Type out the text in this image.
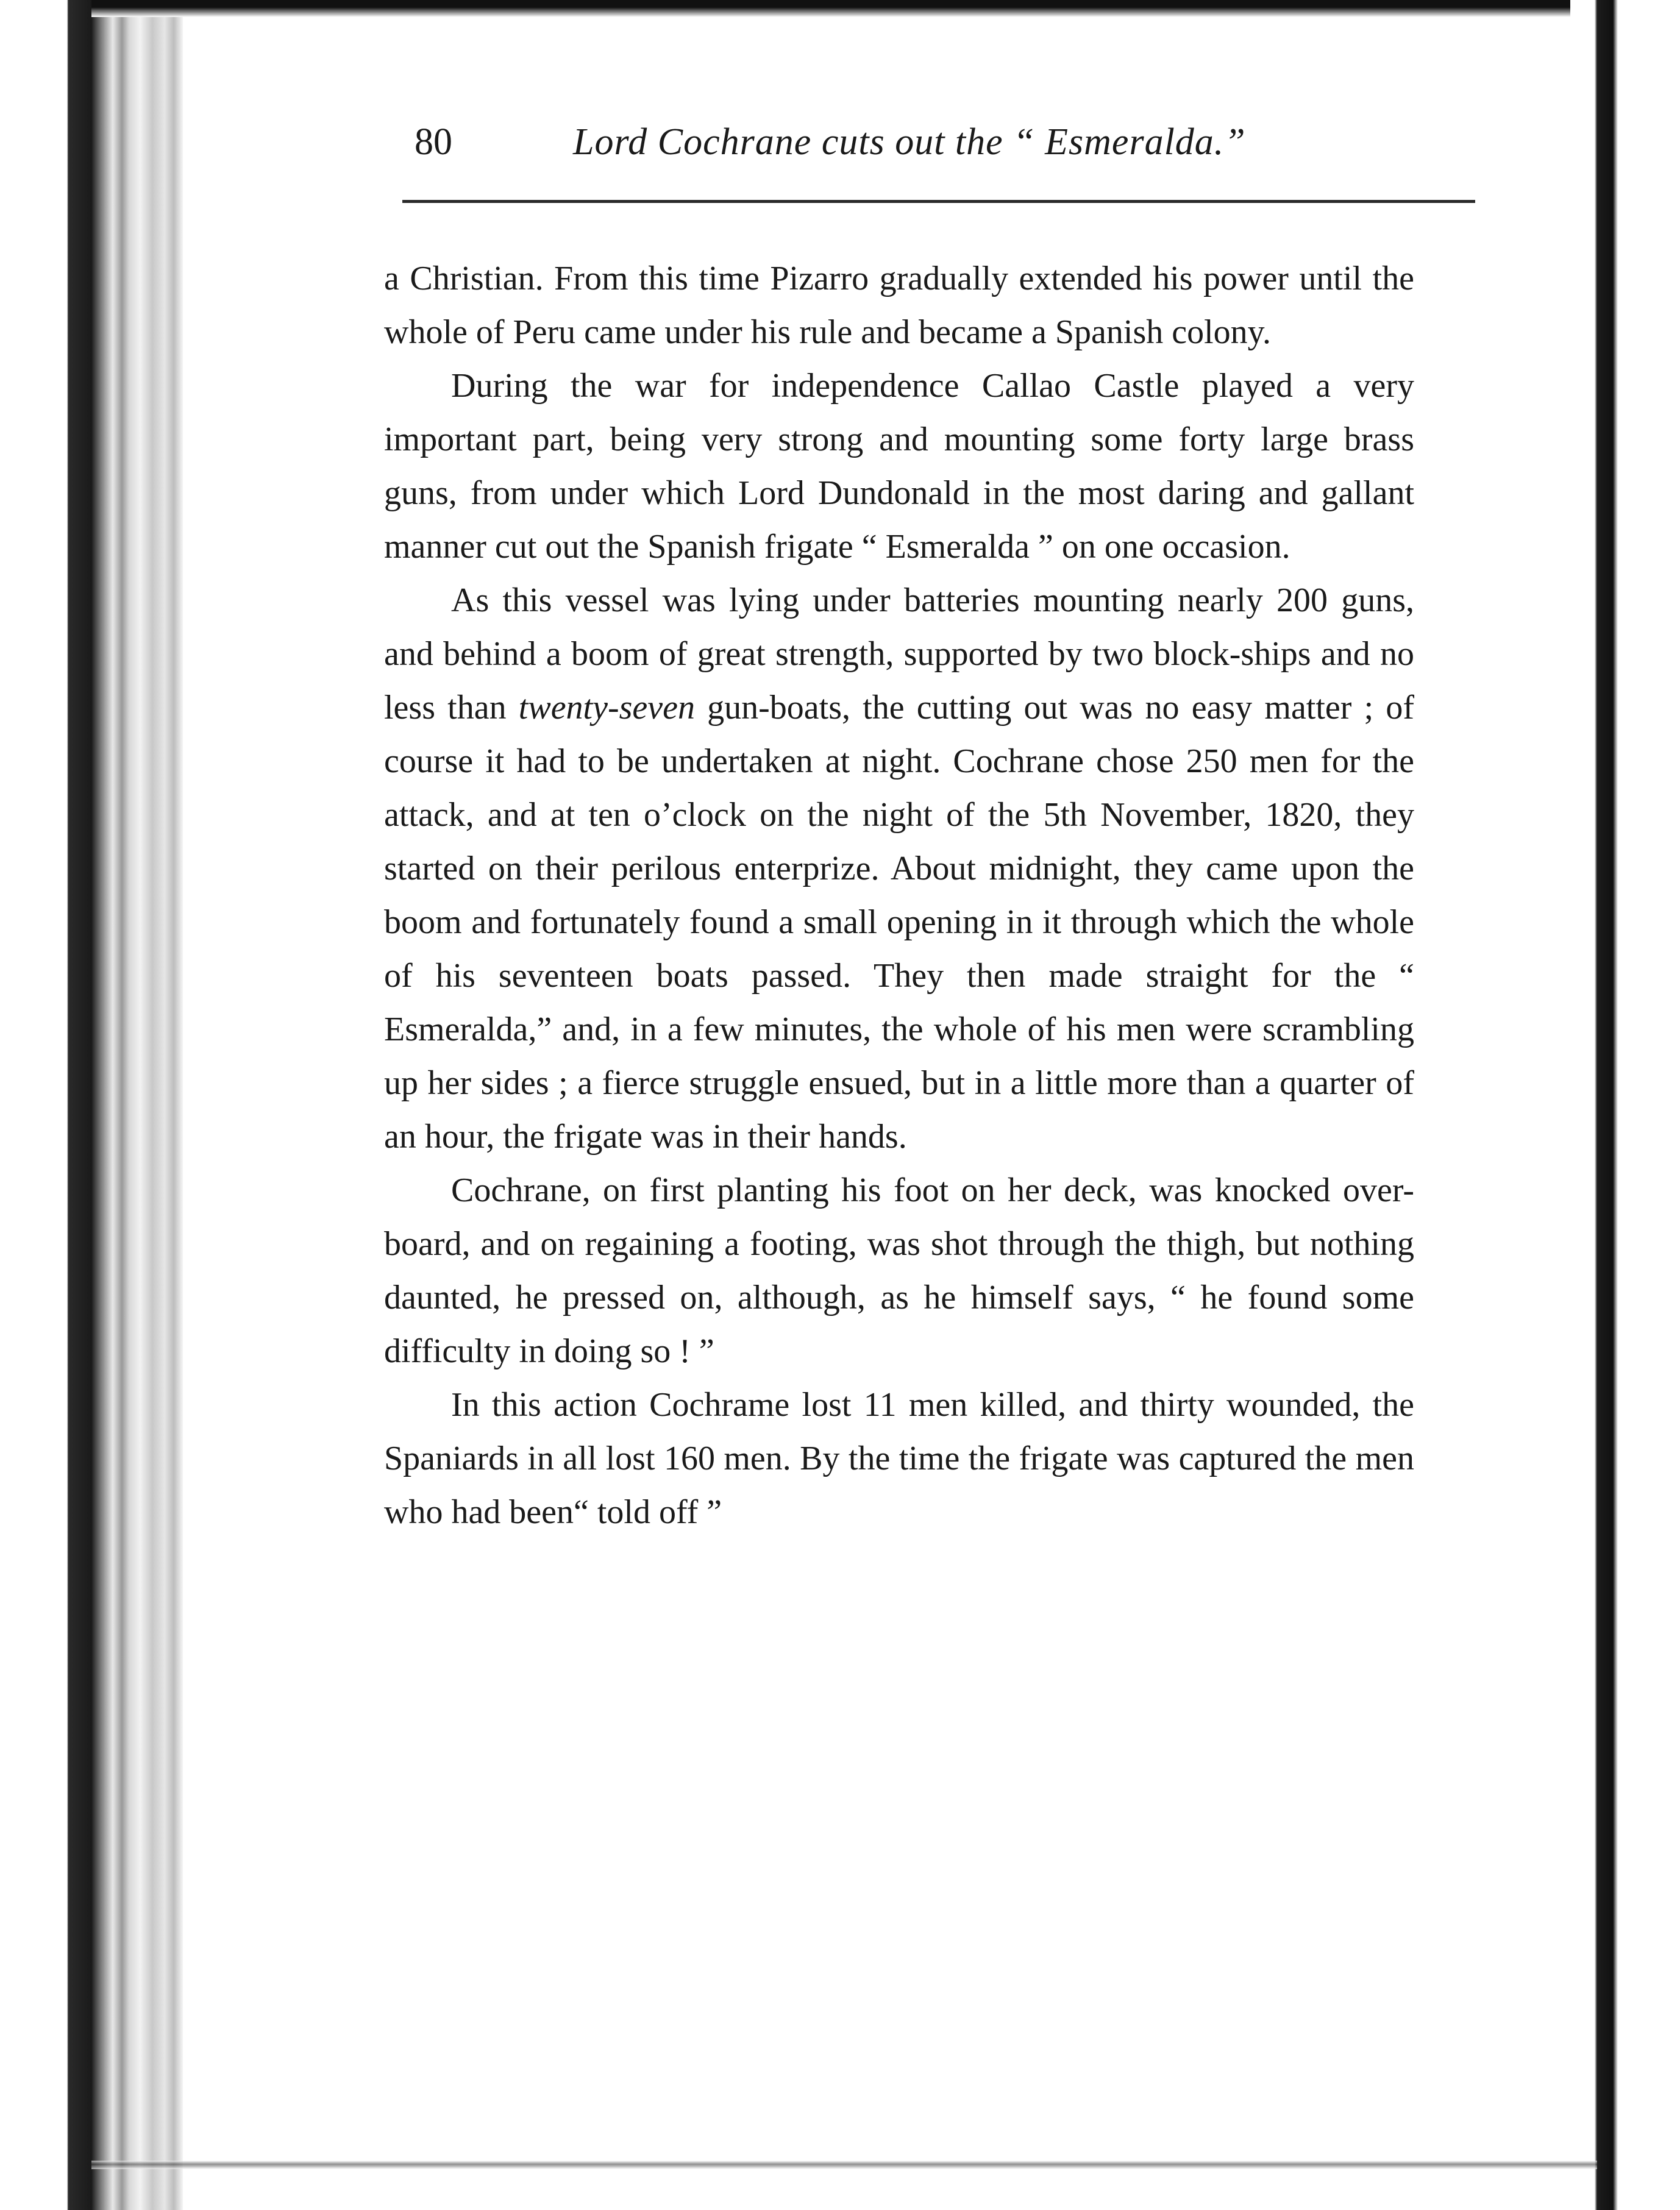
80	Lord Cochrane cuts out the “ Esmeralda.”

a Christian. From this time Pizarro gradually extended his power until the whole of Peru came under his rule and became a Spanish colony.

During the war for independence Callao Castle played a very important part, being very strong and mounting some forty large brass guns, from under which Lord Dundonald in the most daring and gallant manner cut out the Spanish frigate “ Esmeralda ” on one occasion.

As this vessel was lying under batteries mounting nearly 200 guns, and behind a boom of great strength, supported by two block-ships and no less than twenty-seven gun-boats, the cutting out was no easy matter ; of course it had to be undertaken at night. Cochrane chose 250 men for the attack, and at ten o’clock on the night of the 5th November, 1820, they started on their perilous enterprize. About midnight, they came upon the boom and fortunately found a small opening in it through which the whole of his seventeen boats passed. They then made straight for the “ Esmeralda,” and, in a few minutes, the whole of his men were scrambling up her sides ; a fierce struggle ensued, but in a little more than a quarter of an hour, the frigate was in their hands.

Cochrane, on first planting his foot on her deck, was knocked over-board, and on regaining a footing, was shot through the thigh, but nothing daunted, he pressed on, although, as he himself says, “ he found some difficulty in doing so ! ”

In this action Cochrame lost 11 men killed, and thirty wounded, the Spaniards in all lost 160 men. By the time the frigate was captured the men who had been“ told off ”
